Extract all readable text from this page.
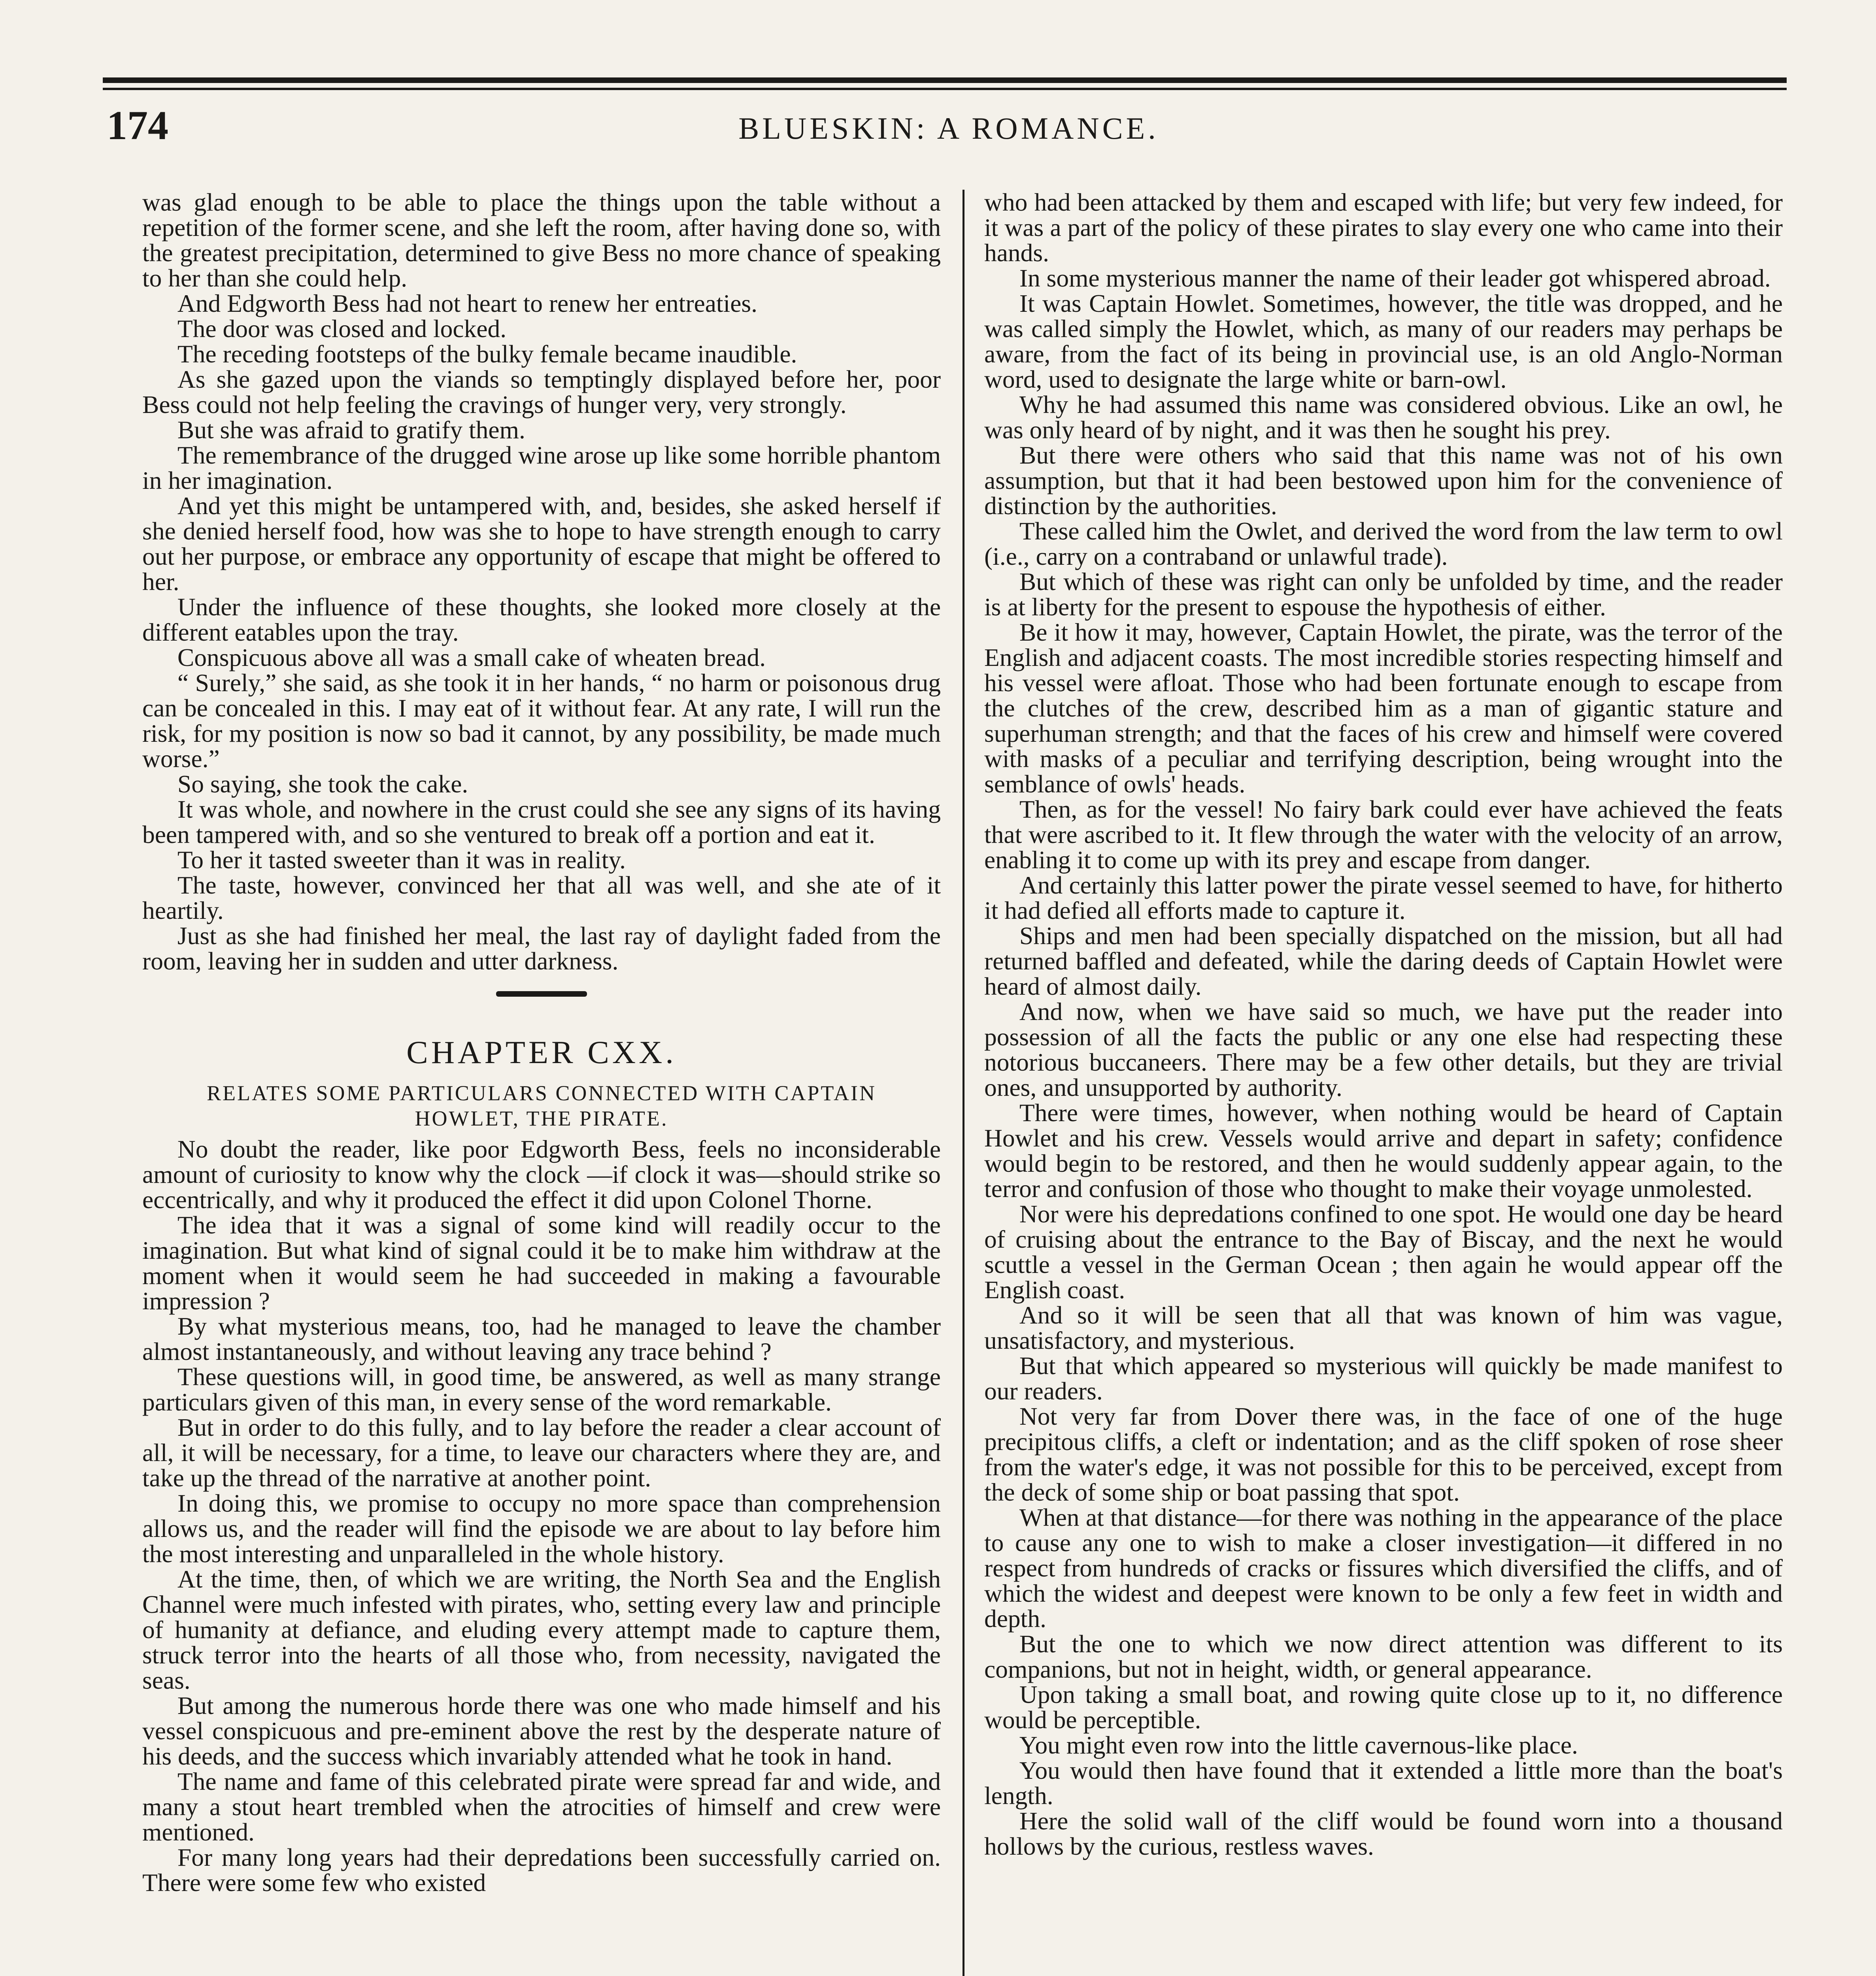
174	BLUESKIN: A ROMANCE.

was glad enough to be able to place the things upon the table without a repetition of the former scene, and she left the room, after having done so, with the greatest precipitation, determined to give Bess no more chance of speaking to her than she could help.

And Edgworth Bess had not heart to renew her entreaties.

The door was closed and locked.

The receding footsteps of the bulky female became inaudible.

As she gazed upon the viands so temptingly displayed before her, poor Bess could not help feeling the cravings of hunger very, very strongly.

But she was afraid to gratify them.

The remembrance of the drugged wine arose up like some horrible phantom in her imagination.

And yet this might be untampered with, and, besides, she asked herself if she denied herself food, how was she to hope to have strength enough to carry out her purpose, or embrace any opportunity of escape that might be offered to her.

Under the influence of these thoughts, she looked more closely at the different eatables upon the tray.

Conspicuous above all was a small cake of wheaten bread.

“ Surely,” she said, as she took it in her hands, “ no harm or poisonous drug can be concealed in this. I may eat of it without fear. At any rate, I will run the risk, for my position is now so bad it cannot, by any possibility, be made much worse.”

So saying, she took the cake.

It was whole, and nowhere in the crust could she see any signs of its having been tampered with, and so she ventured to break off a portion and eat it.

To her it tasted sweeter than it was in reality.

The taste, however, convinced her that all was well, and she ate of it heartily.

Just as she had finished her meal, the last ray of daylight faded from the room, leaving her in sudden and utter darkness.

CHAPTER CXX.
RELATES SOME PARTICULARS CONNECTED WITH CAPTAIN
HOWLET, THE PIRATE.

No doubt the reader, like poor Edgworth Bess, feels no inconsiderable amount of curiosity to know why the clock —if clock it was—should strike so eccentrically, and why it produced the effect it did upon Colonel Thorne.

The idea that it was a signal of some kind will readily occur to the imagination. But what kind of signal could it be to make him withdraw at the moment when it would seem he had succeeded in making a favourable impression ?

By what mysterious means, too, had he managed to leave the chamber almost instantaneously, and without leaving any trace behind ?

These questions will, in good time, be answered, as well as many strange particulars given of this man, in every sense of the word remarkable.

But in order to do this fully, and to lay before the reader a clear account of all, it will be necessary, for a time, to leave our characters where they are, and take up the thread of the narrative at another point.

In doing this, we promise to occupy no more space than comprehension allows us, and the reader will find the episode we are about to lay before him the most interesting and unparalleled in the whole history.

At the time, then, of which we are writing, the North Sea and the English Channel were much infested with pirates, who, setting every law and principle of humanity at defiance, and eluding every attempt made to capture them, struck terror into the hearts of all those who, from necessity, navigated the seas.

But among the numerous horde there was one who made himself and his vessel conspicuous and pre-eminent above the rest by the desperate nature of his deeds, and the success which invariably attended what he took in hand.

The name and fame of this celebrated pirate were spread far and wide, and many a stout heart trembled when the atrocities of himself and crew were mentioned.

For many long years had their depredations been successfully carried on. There were some few who existed

who had been attacked by them and escaped with life; but very few indeed, for it was a part of the policy of these pirates to slay every one who came into their hands.

In some mysterious manner the name of their leader got whispered abroad.

It was Captain Howlet. Sometimes, however, the title was dropped, and he was called simply the Howlet, which, as many of our readers may perhaps be aware, from the fact of its being in provincial use, is an old Anglo-Norman word, used to designate the large white or barn-owl.

Why he had assumed this name was considered obvious. Like an owl, he was only heard of by night, and it was then he sought his prey.

But there were others who said that this name was not of his own assumption, but that it had been bestowed upon him for the convenience of distinction by the authorities.

These called him the Owlet, and derived the word from the law term to owl (i.e., carry on a contraband or unlawful trade).

But which of these was right can only be unfolded by time, and the reader is at liberty for the present to espouse the hypothesis of either.

Be it how it may, however, Captain Howlet, the pirate, was the terror of the English and adjacent coasts. The most incredible stories respecting himself and his vessel were afloat. Those who had been fortunate enough to escape from the clutches of the crew, described him as a man of gigantic stature and superhuman strength; and that the faces of his crew and himself were covered with masks of a peculiar and terrifying description, being wrought into the semblance of owls' heads.

Then, as for the vessel! No fairy bark could ever have achieved the feats that were ascribed to it. It flew through the water with the velocity of an arrow, enabling it to come up with its prey and escape from danger.

And certainly this latter power the pirate vessel seemed to have, for hitherto it had defied all efforts made to capture it.

Ships and men had been specially dispatched on the mission, but all had returned baffled and defeated, while the daring deeds of Captain Howlet were heard of almost daily.

And now, when we have said so much, we have put the reader into possession of all the facts the public or any one else had respecting these notorious buccaneers. There may be a few other details, but they are trivial ones, and unsupported by authority.

There were times, however, when nothing would be heard of Captain Howlet and his crew. Vessels would arrive and depart in safety; confidence would begin to be restored, and then he would suddenly appear again, to the terror and confusion of those who thought to make their voyage unmolested.

Nor were his depredations confined to one spot. He would one day be heard of cruising about the entrance to the Bay of Biscay, and the next he would scuttle a vessel in the German Ocean ; then again he would appear off the English coast.

And so it will be seen that all that was known of him was vague, unsatisfactory, and mysterious.

But that which appeared so mysterious will quickly be made manifest to our readers.

Not very far from Dover there was, in the face of one of the huge precipitous cliffs, a cleft or indentation; and as the cliff spoken of rose sheer from the water's edge, it was not possible for this to be perceived, except from the deck of some ship or boat passing that spot.

When at that distance—for there was nothing in the appearance of the place to cause any one to wish to make a closer investigation—it differed in no respect from hundreds of cracks or fissures which diversified the cliffs, and of which the widest and deepest were known to be only a few feet in width and depth.

But the one to which we now direct attention was different to its companions, but not in height, width, or general appearance.

Upon taking a small boat, and rowing quite close up to it, no difference would be perceptible.

You might even row into the little cavernous-like place.

You would then have found that it extended a little more than the boat's length.

Here the solid wall of the cliff would be found worn into a thousand hollows by the curious, restless waves.
